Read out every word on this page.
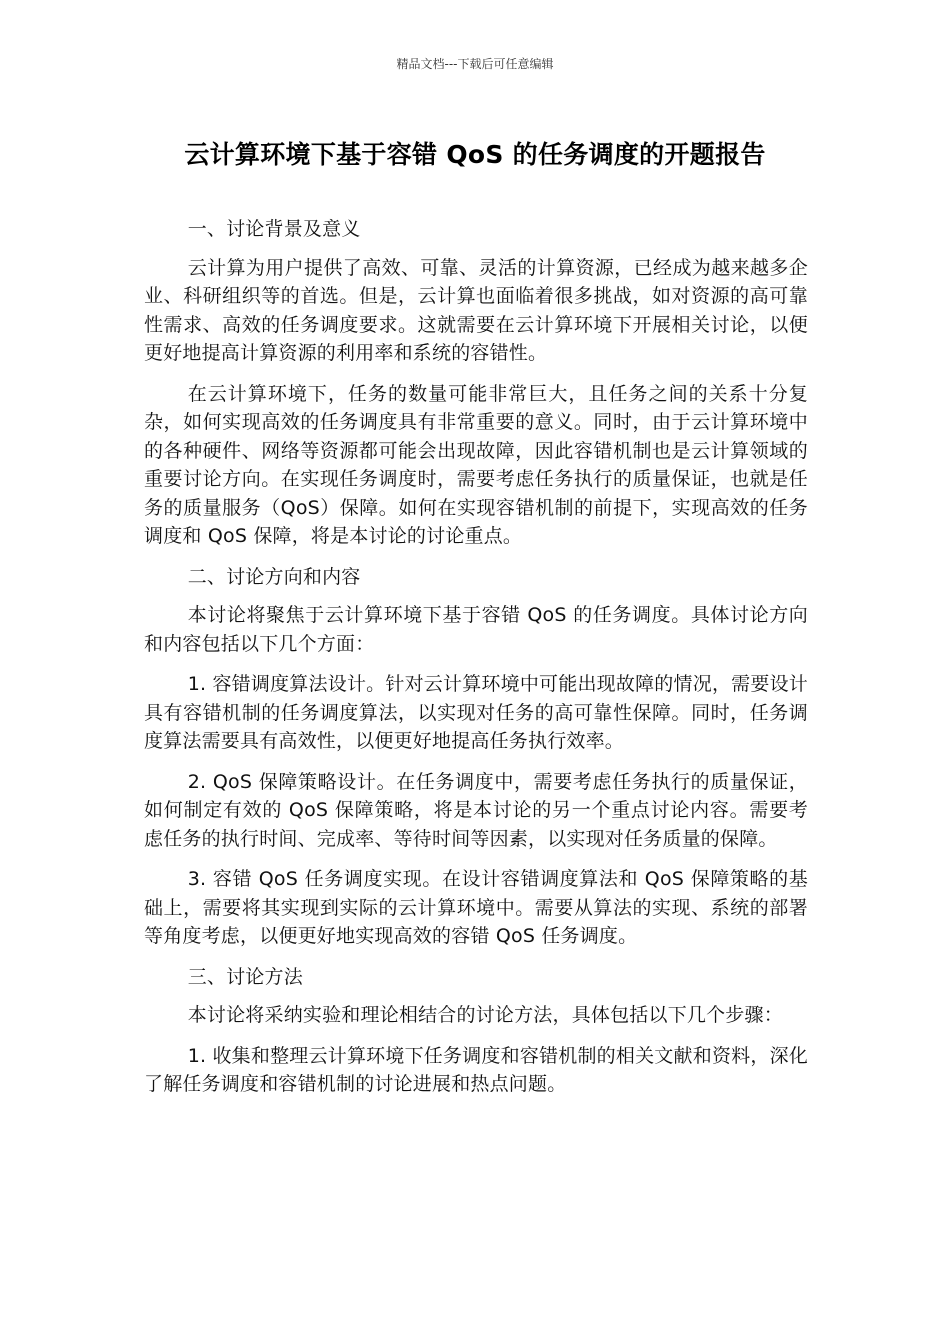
精品文档---下载后可任意编辑
云计算环境下基于容错 QoS 的任务调度的开题报告

一、讨论背景及意义

云计算为用户提供了高效、可靠、灵活的计算资源，已经成为越来越多企业、科研组织等的首选。但是，云计算也面临着很多挑战，如对资源的高可靠性需求、高效的任务调度要求。这就需要在云计算环境下开展相关讨论，以便更好地提高计算资源的利用率和系统的容错性。

在云计算环境下，任务的数量可能非常巨大，且任务之间的关系十分复杂，如何实现高效的任务调度具有非常重要的意义。同时，由于云计算环境中的各种硬件、网络等资源都可能会出现故障，因此容错机制也是云计算领域的重要讨论方向。在实现任务调度时，需要考虑任务执行的质量保证，也就是任务的质量服务（QoS）保障。如何在实现容错机制的前提下，实现高效的任务调度和 QoS 保障，将是本讨论的讨论重点。

二、讨论方向和内容

本讨论将聚焦于云计算环境下基于容错 QoS 的任务调度。具体讨论方向和内容包括以下几个方面：

1. 容错调度算法设计。针对云计算环境中可能出现故障的情况，需要设计具有容错机制的任务调度算法，以实现对任务的高可靠性保障。同时，任务调度算法需要具有高效性，以便更好地提高任务执行效率。

2. QoS 保障策略设计。在任务调度中，需要考虑任务执行的质量保证，如何制定有效的 QoS 保障策略，将是本讨论的另一个重点讨论内容。需要考虑任务的执行时间、完成率、等待时间等因素，以实现对任务质量的保障。

3. 容错 QoS 任务调度实现。在设计容错调度算法和 QoS 保障策略的基础上，需要将其实现到实际的云计算环境中。需要从算法的实现、系统的部署等角度考虑，以便更好地实现高效的容错 QoS 任务调度。

三、讨论方法

本讨论将采纳实验和理论相结合的讨论方法，具体包括以下几个步骤：

1. 收集和整理云计算环境下任务调度和容错机制的相关文献和资料，深化了解任务调度和容错机制的讨论进展和热点问题。
